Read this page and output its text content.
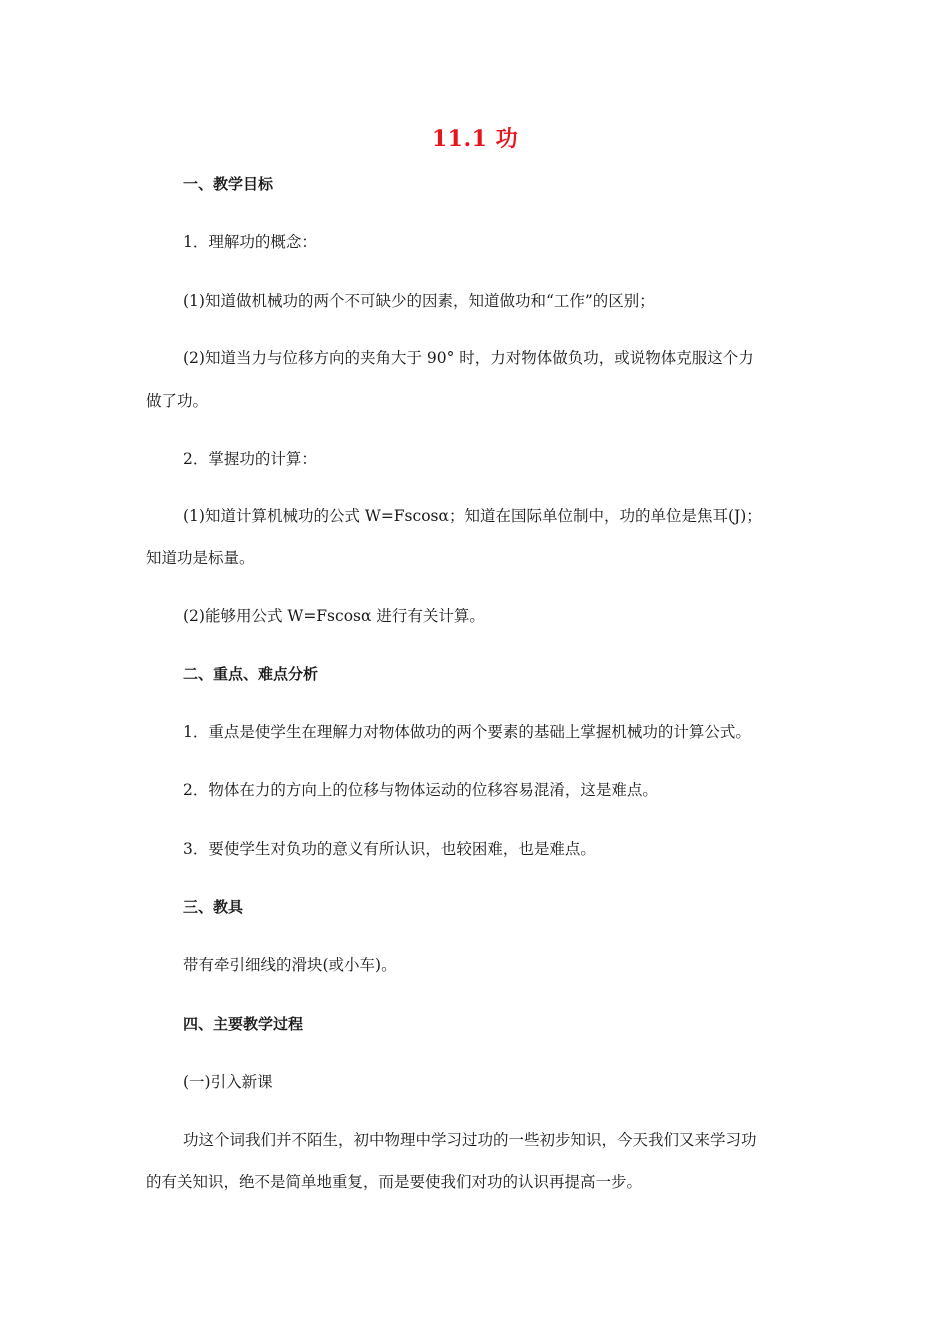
11.1 功
一、教学目标
1．理解功的概念：
(1)知道做机械功的两个不可缺少的因素，知道做功和“工作”的区别；
(2)知道当力与位移方向的夹角大于 90° 时，力对物体做负功，或说物体克服这个力
做了功。
2．掌握功的计算：
(1)知道计算机械功的公式 W=Fscosα；知道在国际单位制中，功的单位是焦耳(J)；
知道功是标量。
(2)能够用公式 W=Fscosα 进行有关计算。
二、重点、难点分析
1．重点是使学生在理解力对物体做功的两个要素的基础上掌握机械功的计算公式。
2．物体在力的方向上的位移与物体运动的位移容易混淆，这是难点。
3．要使学生对负功的意义有所认识，也较困难，也是难点。
三、教具
带有牵引细线的滑块(或小车)。
四、主要教学过程
(一)引入新课
功这个词我们并不陌生，初中物理中学习过功的一些初步知识，今天我们又来学习功
的有关知识，绝不是简单地重复，而是要使我们对功的认识再提高一步。
